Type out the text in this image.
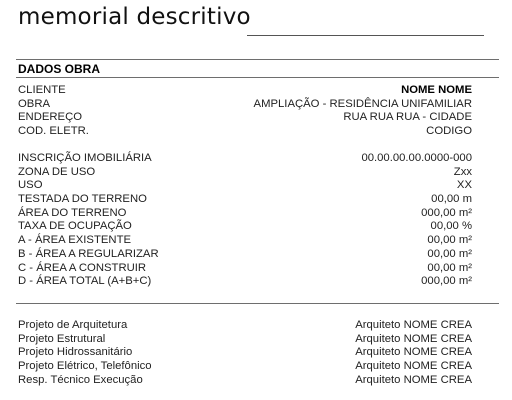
memorial descritivo
DADOS OBRA
CLIENTE	NOME NOME
OBRA	AMPLIAÇÃO - RESIDÊNCIA UNIFAMILIAR
ENDEREÇO	RUA RUA RUA - CIDADE
COD. ELETR.	CODIGO
INSCRIÇÃO IMOBILIÁRIA	00.00.00.00.0000-000
ZONA DE USO	Zxx
USO	XX
TESTADA DO TERRENO	00,00 m
ÁREA DO TERRENO	000,00 m²
TAXA DE OCUPAÇÃO	00,00 %
A - ÁREA EXISTENTE	00,00 m²
B - ÁREA A REGULARIZAR	00,00 m²
C - ÁREA A CONSTRUIR	00,00 m²
D - ÁREA TOTAL (A+B+C)	000,00 m²
Projeto de Arquitetura	Arquiteto NOME CREA
Projeto Estrutural	Arquiteto NOME CREA
Projeto Hidrossanitário	Arquiteto NOME CREA
Projeto Elétrico, Telefônico	Arquiteto NOME CREA
Resp. Técnico Execução	Arquiteto NOME CREA
